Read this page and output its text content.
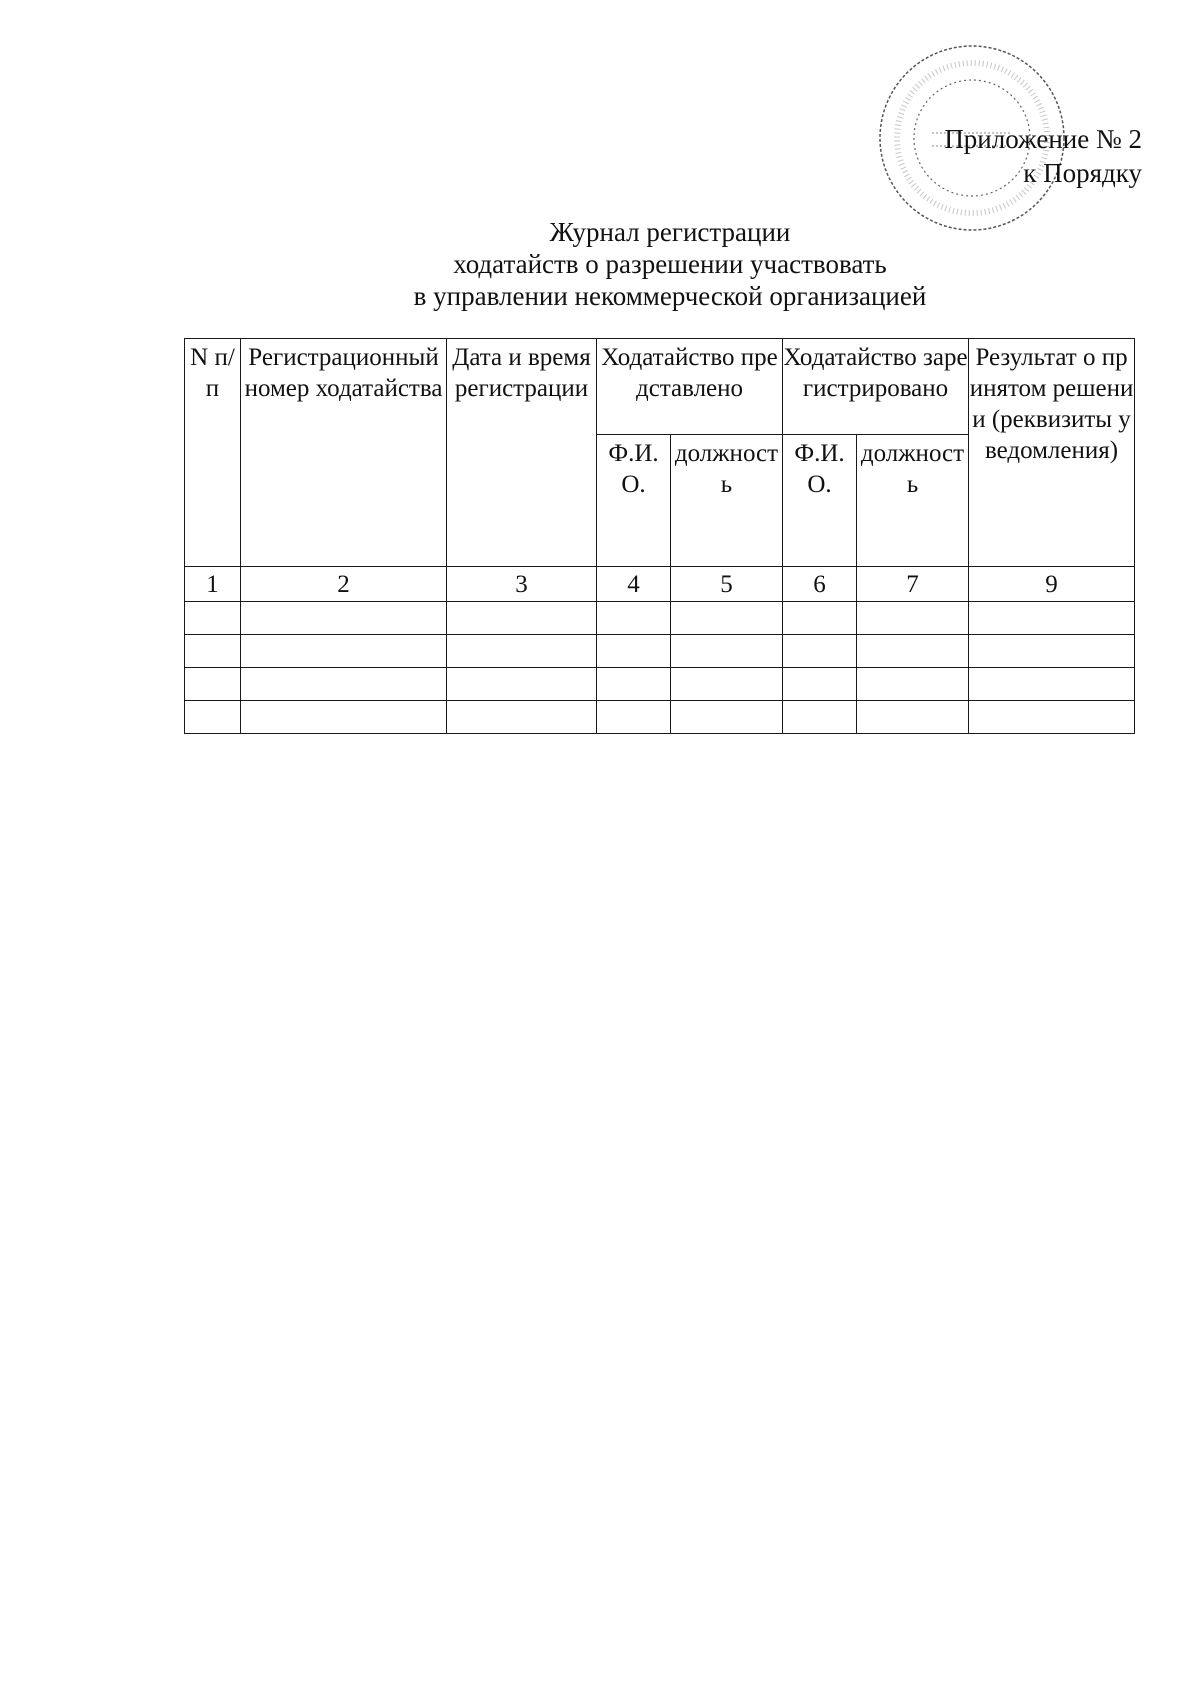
Приложение № 2
к Порядку
Журнал регистрации
ходатайств о разрешении участвовать
в управлении некоммерческой организацией
N п/п	Регистрационный номер ходатайства	Дата и время регистрации	Ходатайство представлено		Ходатайство зарегистрировано		Результат о принятом решении (реквизиты уведомления)
			Ф.И.О.	должность	Ф.И.О.	должность	
1	2	3	4	5	6	7	9
